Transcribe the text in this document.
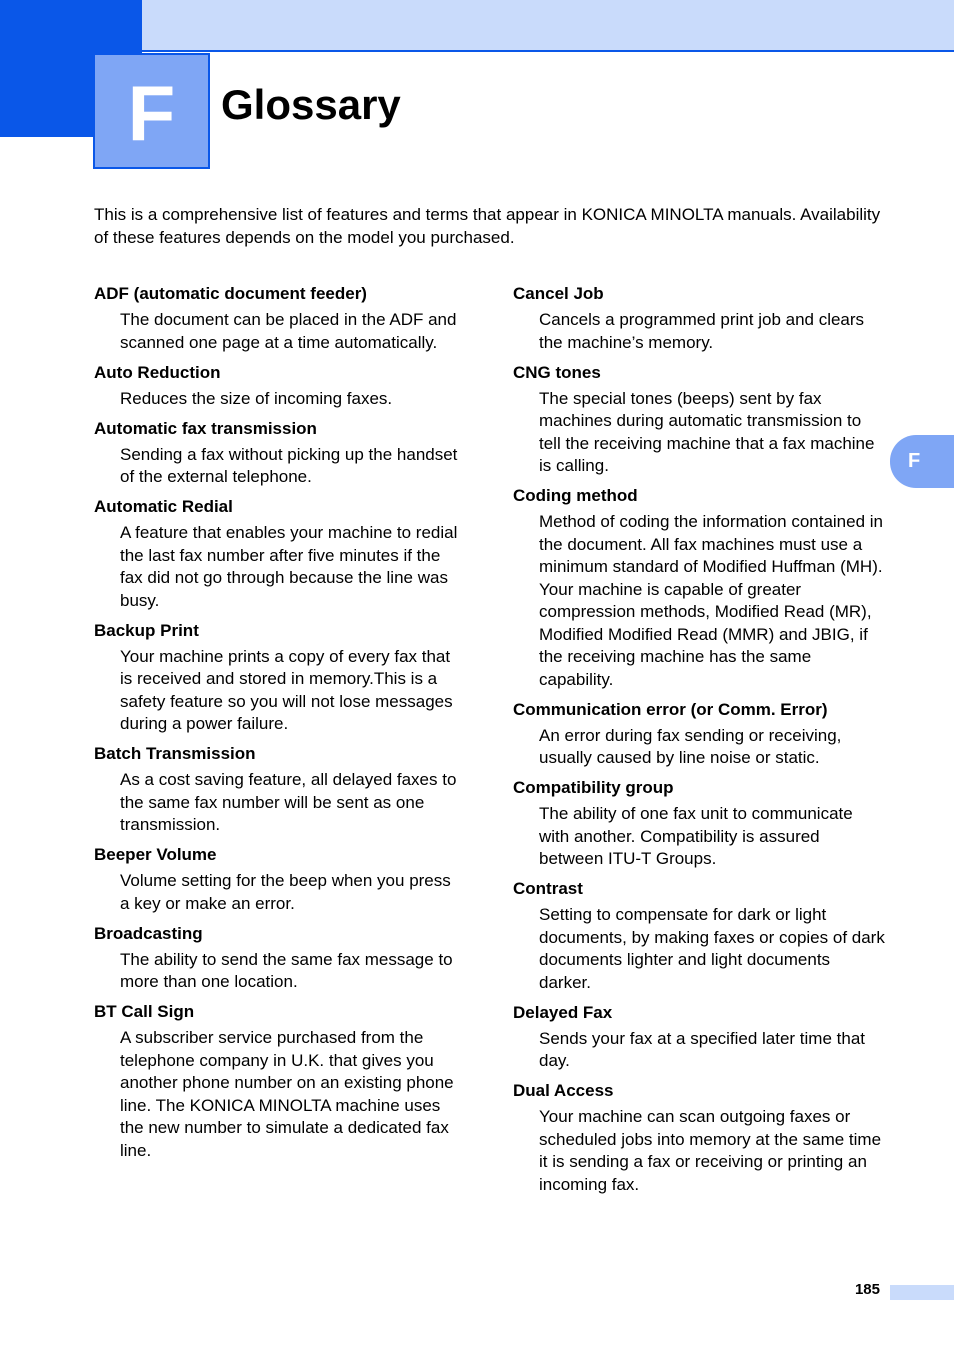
F	Glossary

This is a comprehensive list of features and terms that appear in KONICA MINOLTA manuals. Availability of these features depends on the model you purchased.

ADF (automatic document feeder)

The document can be placed in the ADF and scanned one page at a time automatically.

Auto Reduction

Reduces the size of incoming faxes.

Automatic fax transmission

Sending a fax without picking up the handset of the external telephone.

Automatic Redial

A feature that enables your machine to redial the last fax number after five minutes if the fax did not go through because the line was busy.

Backup Print

Your machine prints a copy of every fax that is received and stored in memory.This is a safety feature so you will not lose messages during a power failure.

Batch Transmission

As a cost saving feature, all delayed faxes to the same fax number will be sent as one transmission.

Beeper Volume

Volume setting for the beep when you press a key or make an error.

Broadcasting

The ability to send the same fax message to more than one location.

BT Call Sign

A subscriber service purchased from the telephone company in U.K. that gives you another phone number on an existing phone line. The KONICA MINOLTA machine uses the new number to simulate a dedicated fax line.

Cancel Job

Cancels a programmed print job and clears the machine’s memory.

CNG tones

The special tones (beeps) sent by fax machines during automatic transmission to tell the receiving machine that a fax machine is calling.

Coding method

Method of coding the information contained in the document. All fax machines must use a minimum standard of Modified Huffman (MH). Your machine is capable of greater compression methods, Modified Read (MR), Modified Modified Read (MMR) and JBIG, if the receiving machine has the same capability.

Communication error (or Comm. Error)

An error during fax sending or receiving, usually caused by line noise or static.

Compatibility group

The ability of one fax unit to communicate with another. Compatibility is assured between ITU-T Groups.

Contrast

Setting to compensate for dark or light documents, by making faxes or copies of dark documents lighter and light documents darker.

Delayed Fax

Sends your fax at a specified later time that day.

Dual Access

Your machine can scan outgoing faxes or scheduled jobs into memory at the same time it is sending a fax or receiving or printing an incoming fax.

F
185
